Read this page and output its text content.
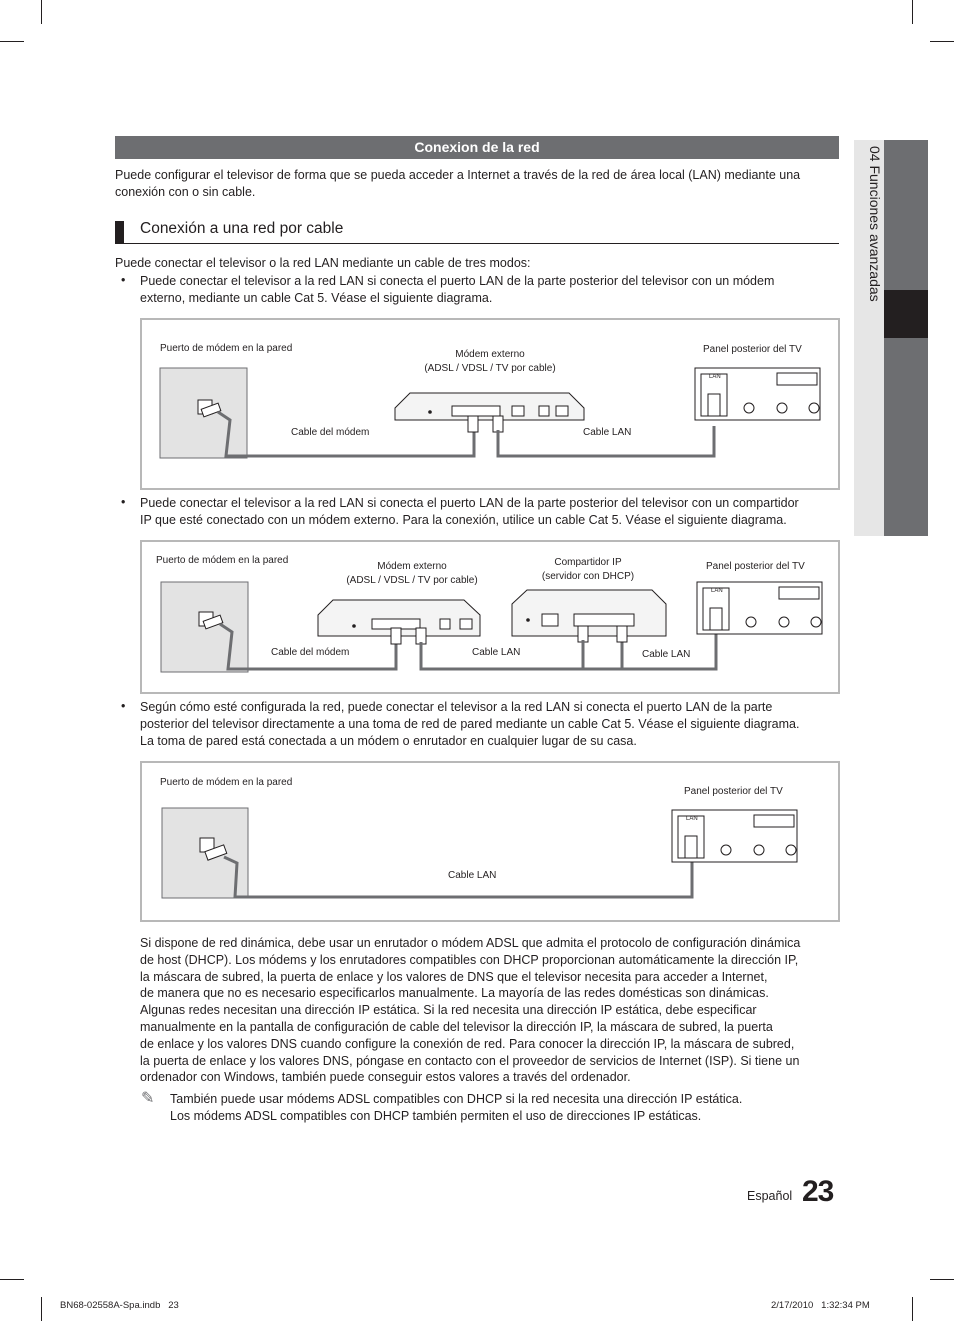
04 Funciones avanzadas
Conexion de la red
Puede configurar el televisor de forma que se pueda acceder a Internet a través de la red de área local (LAN) mediante una
conexión con o sin cable.
Conexión a una red por cable
Puede conectar el televisor o la red LAN mediante un cable de tres modos:
• Puede conectar el televisor a la red LAN si conecta el puerto LAN de la parte posterior del televisor con un módem
externo, mediante un cable Cat 5. Véase el siguiente diagrama.
LAN
Puerto de módem en la pared
Módem externo
(ADSL / VDSL / TV por cable)
Panel posterior del TV
Cable del módem	Cable LAN
• Puede conectar el televisor a la red LAN si conecta el puerto LAN de la parte posterior del televisor con un compartidor
IP que esté conectado con un módem externo. Para la conexión, utilice un cable Cat 5. Véase el siguiente diagrama.
LAN
Puerto de módem en la pared
Módem externo
(ADSL / VDSL / TV por cable)
Compartidor IP
(servidor con DHCP)
Panel posterior del TV
Cable del módem	Cable LAN	Cable LAN
• Según cómo esté configurada la red, puede conectar el televisor a la red LAN si conecta el puerto LAN de la parte
posterior del televisor directamente a una toma de red de pared mediante un cable Cat 5. Véase el siguiente diagrama.
La toma de pared está conectada a un módem o enrutador en cualquier lugar de su casa.
LAN
Puerto de módem en la pared
Panel posterior del TV
Cable LAN
Si dispone de red dinámica, debe usar un enrutador o módem ADSL que admita el protocolo de configuración dinámica
de host (DHCP). Los módems y los enrutadores compatibles con DHCP proporcionan automáticamente la dirección IP,
la máscara de subred, la puerta de enlace y los valores de DNS que el televisor necesita para acceder a Internet,
de manera que no es necesario especificarlos manualmente. La mayoría de las redes domésticas son dinámicas.
Algunas redes necesitan una dirección IP estática. Si la red necesita una dirección IP estática, debe especificar
manualmente en la pantalla de configuración de cable del televisor la dirección IP, la máscara de subred, la puerta
de enlace y los valores DNS cuando configure la conexión de red. Para conocer la dirección IP, la máscara de subred,
la puerta de enlace y los valores DNS, póngase en contacto con el proveedor de servicios de Internet (ISP). Si tiene un
ordenador con Windows, también puede conseguir estos valores a través del ordenador.
✎ También puede usar módems ADSL compatibles con DHCP si la red necesita una dirección IP estática.
Los módems ADSL compatibles con DHCP también permiten el uso de direcciones IP estáticas.
Español 23
BN68-02558A-Spa.indb   23	2/17/2010   1:32:34 PM
